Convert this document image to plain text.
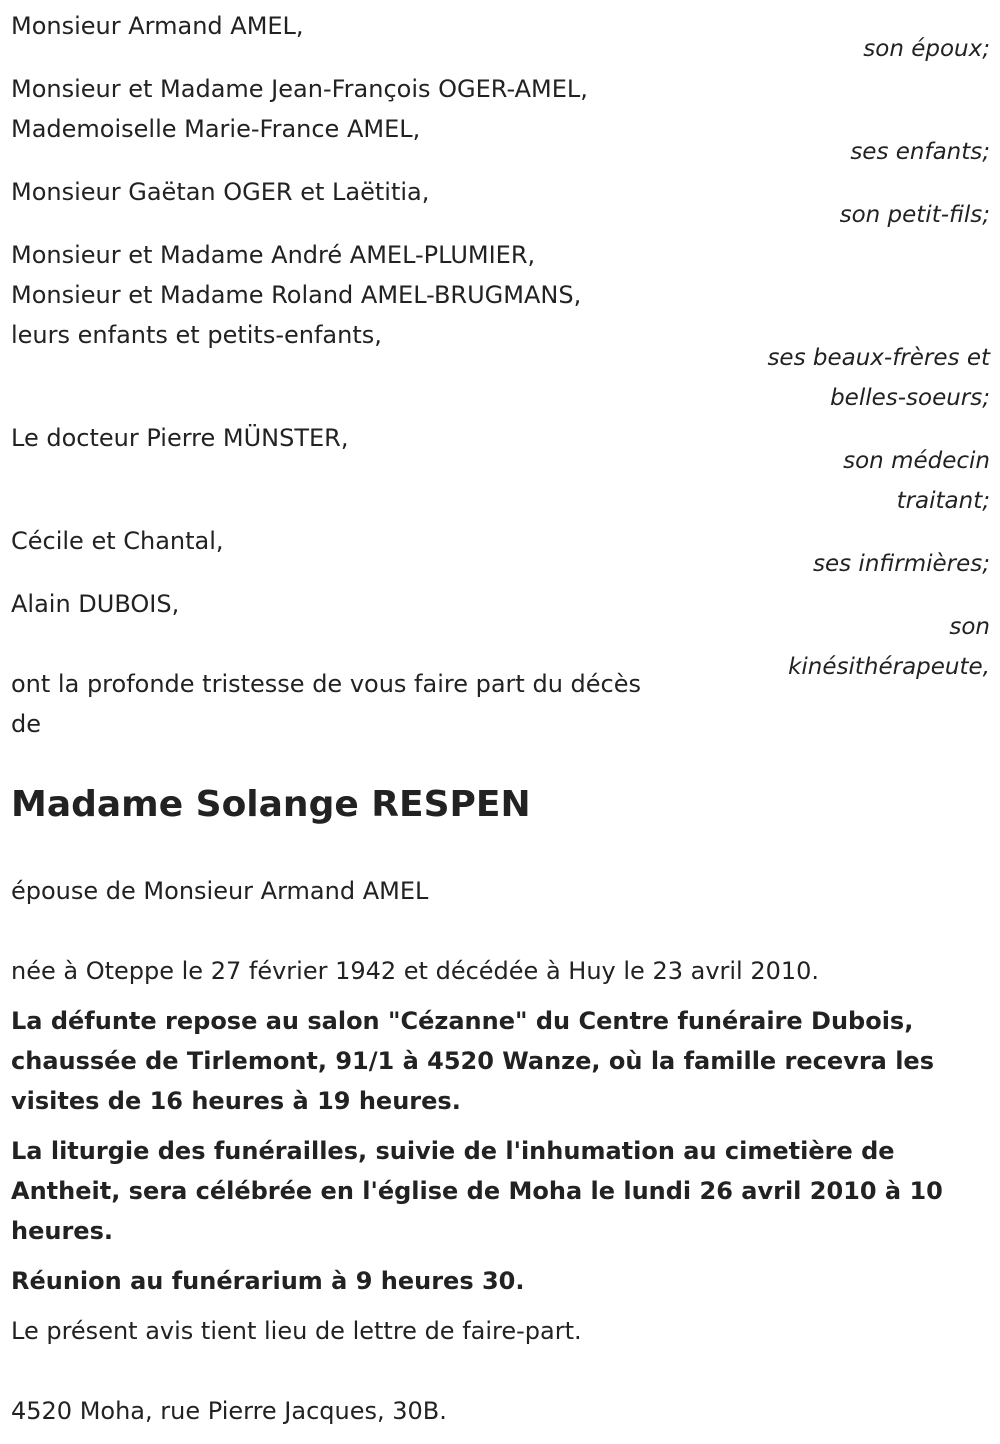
Monsieur Armand AMEL,

son époux;

Monsieur et Madame Jean-François OGER-AMEL,

Mademoiselle Marie-France AMEL,

ses enfants;

Monsieur Gaëtan OGER et Laëtitia,

son petit-fils;

Monsieur et Madame André AMEL-PLUMIER,

Monsieur et Madame Roland AMEL-BRUGMANS,

leurs enfants et petits-enfants,

ses beaux-frères et

belles-soeurs;

Le docteur Pierre MÜNSTER,

son médecin

traitant;

Cécile et Chantal,

ses infirmières;

Alain DUBOIS,

son

kinésithérapeute,

ont la profonde tristesse de vous faire part du décès

de

Madame Solange RESPEN

épouse de Monsieur Armand AMEL

née à Oteppe le 27 février 1942 et décédée à Huy le 23 avril 2010.

La défunte repose au salon "Cézanne" du Centre funéraire Dubois,

chaussée de Tirlemont, 91/1 à 4520 Wanze, où la famille recevra les

visites de 16 heures à 19 heures.

La liturgie des funérailles, suivie de l'inhumation au cimetière de

Antheit, sera célébrée en l'église de Moha le lundi 26 avril 2010 à 10

heures.

Réunion au funérarium à 9 heures 30.

Le présent avis tient lieu de lettre de faire-part.

4520 Moha, rue Pierre Jacques, 30B.
